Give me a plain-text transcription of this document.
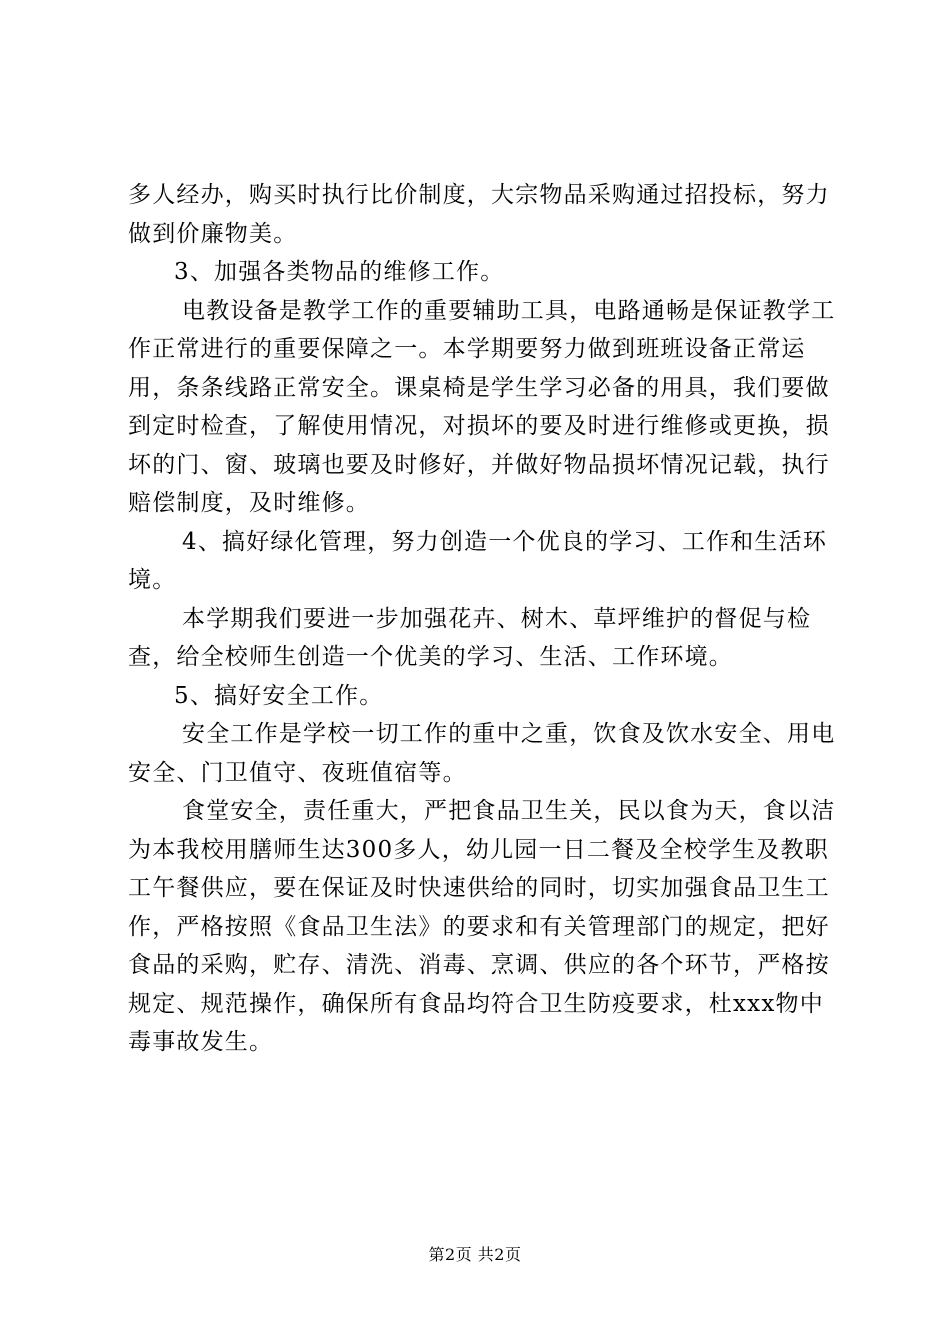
多人经办，购买时执行比价制度，大宗物品采购通过招投标，努力做到价廉物美。

3、加强各类物品的维修工作。

电教设备是教学工作的重要辅助工具，电路通畅是保证教学工作正常进行的重要保障之一。本学期要努力做到班班设备正常运用，条条线路正常安全。课桌椅是学生学习必备的用具，我们要做到定时检查，了解使用情况，对损坏的要及时进行维修或更换，损坏的门、窗、玻璃也要及时修好，并做好物品损坏情况记载，执行赔偿制度，及时维修。

4、搞好绿化管理，努力创造一个优良的学习、工作和生活环境。

本学期我们要进一步加强花卉、树木、草坪维护的督促与检查，给全校师生创造一个优美的学习、生活、工作环境。

5、搞好安全工作。

安全工作是学校一切工作的重中之重，饮食及饮水安全、用电安全、门卫值守、夜班值宿等。

食堂安全，责任重大，严把食品卫生关，民以食为天，食以洁为本我校用膳师生达300多人，幼儿园一日二餐及全校学生及教职工午餐供应，要在保证及时快速供给的同时，切实加强食品卫生工作，严格按照《食品卫生法》的要求和有关管理部门的规定，把好食品的采购，贮存、清洗、消毒、烹调、供应的各个环节，严格按规定、规范操作，确保所有食品均符合卫生防疫要求，杜xxx物中毒事故发生。

第2页 共2页
